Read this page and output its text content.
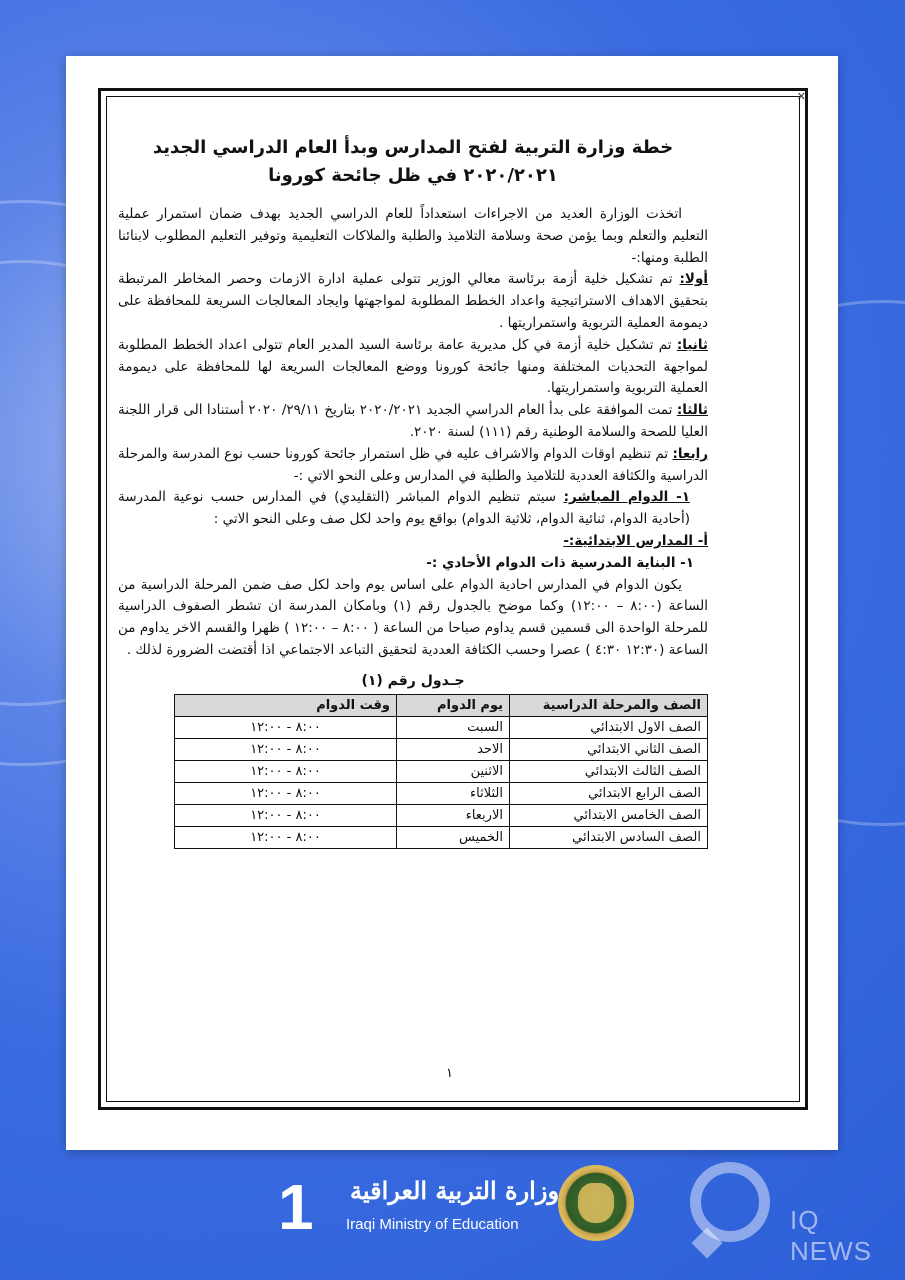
✕

خطة وزارة التربية لفتح المدارس وبدأ العام الدراسي الجديد

٢٠٢٠/٢٠٢١ في ظل جائحة كورونا

اتخذت الوزارة العديد من الاجراءات استعداداً للعام الدراسي الجديد بهدف ضمان استمرار عملية التعليم والتعلم وبما يؤمن صحة وسلامة التلاميذ والطلبة والملاكات التعليمية وتوفير التعليم المطلوب لابنائنا الطلبة ومنها:-

أولا: تم تشكيل خلية أزمة برئاسة معالي الوزير تتولى عملية ادارة الازمات وحصر المخاطر المرتبطة بتحقيق الاهداف الاستراتيجية واعداد الخطط المطلوبة لمواجهتها وايجاد المعالجات السريعة للمحافظة على ديمومة العملية التربوية واستمراريتها .

ثانيا: تم تشكيل خلية أزمة في كل مديرية عامة برئاسة السيد المدير العام تتولى اعداد الخطط المطلوبة لمواجهة التحديات المختلفة ومنها جائحة كورونا ووضع المعالجات السريعة لها للمحافظة على ديمومة العملية التربوية واستمراريتها.

ثالثا: تمت الموافقة على بدأ العام الدراسي الجديد ٢٠٢٠/٢٠٢١ بتاريخ ٢٩/١١/ ٢٠٢٠ أستنادا الى قرار اللجنة العليا للصحة والسلامة الوطنية رقم (١١١) لسنة ٢٠٢٠.

رابعا: تم تنظيم اوقات الدوام والاشراف عليه في ظل استمرار جائحة كورونا حسب نوع المدرسة والمرحلة الدراسية والكثافة العددية للتلاميذ والطلبة في المدارس وعلى النحو الاتي :-

١- الدوام المباشر: سيتم تنظيم الدوام المباشر (التقليدي) في المدارس حسب نوعية المدرسة (أحادية الدوام، ثنائية الدوام، ثلاثية الدوام) بواقع يوم واحد لكل صف وعلى النحو الاتي :

أ- المدارس الابتدائية:-

١- البناية المدرسية ذات الدوام الأحادي :-

يكون الدوام في المدارس احادية الدوام على اساس يوم واحد لكل صف ضمن المرحلة الدراسية من الساعة (٨:٠٠ – ١٢:٠٠) وكما موضح بالجدول رقم (١) وبامكان المدرسة ان تشطر الصفوف الدراسية للمرحلة الواحدة الى قسمين قسم يداوم صباحا من الساعة ( ٨:٠٠ – ١٢:٠٠ ) ظهرا والقسم الاخر يداوم من الساعة (١٢:٣٠ ٤:٣٠ ) عصرا وحسب الكثافة العددية لتحقيق التباعد الاجتماعي اذا أقتضت الضرورة لذلك .

جـدول رقم (١)

الصف والمرحلة الدراسية	يوم الدوام	وقت الدوام
الصف الاول الابتدائي	السبت	٨:٠٠ - ١٢:٠٠
الصف الثاني الابتدائي	الاحد	٨:٠٠ - ١٢:٠٠
الصف الثالث الابتدائي	الاثنين	٨:٠٠ - ١٢:٠٠
الصف الرابع الابتدائي	الثلاثاء	٨:٠٠ - ١٢:٠٠
الصف الخامس الابتدائي	الاربعاء	٨:٠٠ - ١٢:٠٠
الصف السادس الابتدائي	الخميس	٨:٠٠ - ١٢:٠٠
١
1 وزارة التربية العراقية
Iraqi Ministry of Education	IQ NEWS
